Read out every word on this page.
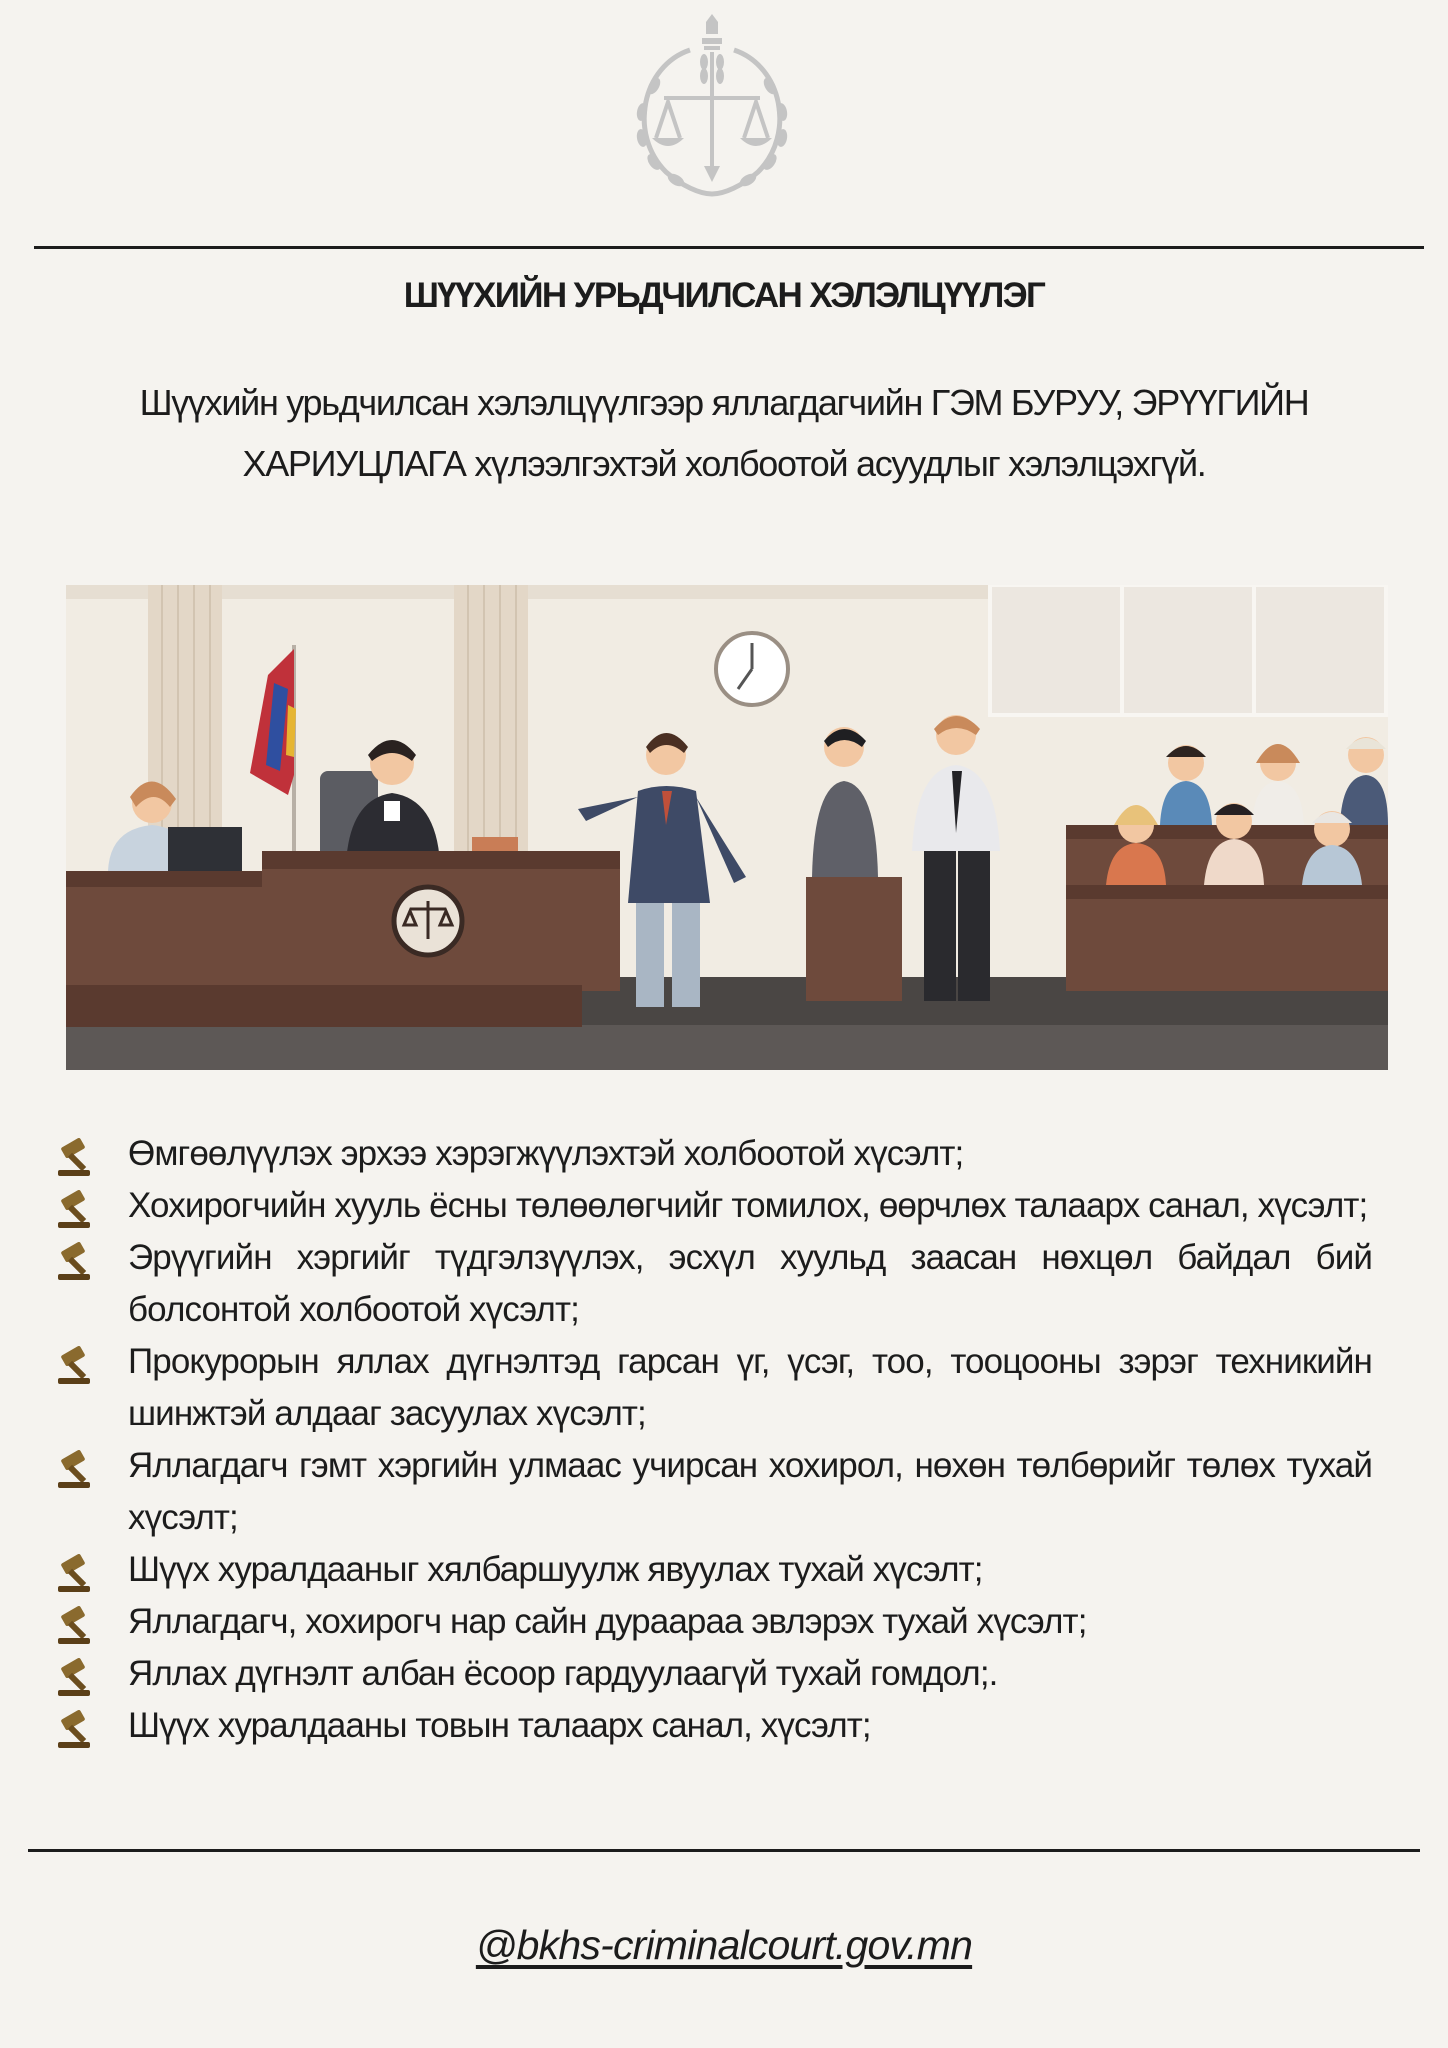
ШҮҮХИЙН УРЬДЧИЛСАН ХЭЛЭЛЦҮҮЛЭГ

Шүүхийн урьдчилсан хэлэлцүүлгээр яллагдагчийн ГЭМ БУРУУ, ЭРҮҮГИЙН ХАРИУЦЛАГА хүлээлгэхтэй холбоотой асуудлыг хэлэлцэхгүй.

Өмгөөлүүлэх эрхээ хэрэгжүүлэхтэй холбоотой хүсэлт;
Хохирогчийн хууль ёсны төлөөлөгчийг томилох, өөрчлөх талаарх санал, хүсэлт;
Эрүүгийн хэргийг түдгэлзүүлэх, эсхүл хуульд заасан нөхцөл байдал бий болсонтой холбоотой хүсэлт;
Прокурорын яллах дүгнэлтэд гарсан үг, үсэг, тоо, тооцооны зэрэг техникийн шинжтэй алдааг засуулах хүсэлт;
Яллагдагч гэмт хэргийн улмаас учирсан хохирол, нөхөн төлбөрийг төлөх тухай хүсэлт;
Шүүх хуралдааныг хялбаршуулж явуулах тухай хүсэлт;
Яллагдагч, хохирогч нар сайн дураараа эвлэрэх тухай хүсэлт;
Яллах дүгнэлт албан ёсоор гардуулаагүй тухай гомдол;.
Шүүх хуралдааны товын талаарх санал, хүсэлт;
@bkhs-criminalcourt.gov.mn
